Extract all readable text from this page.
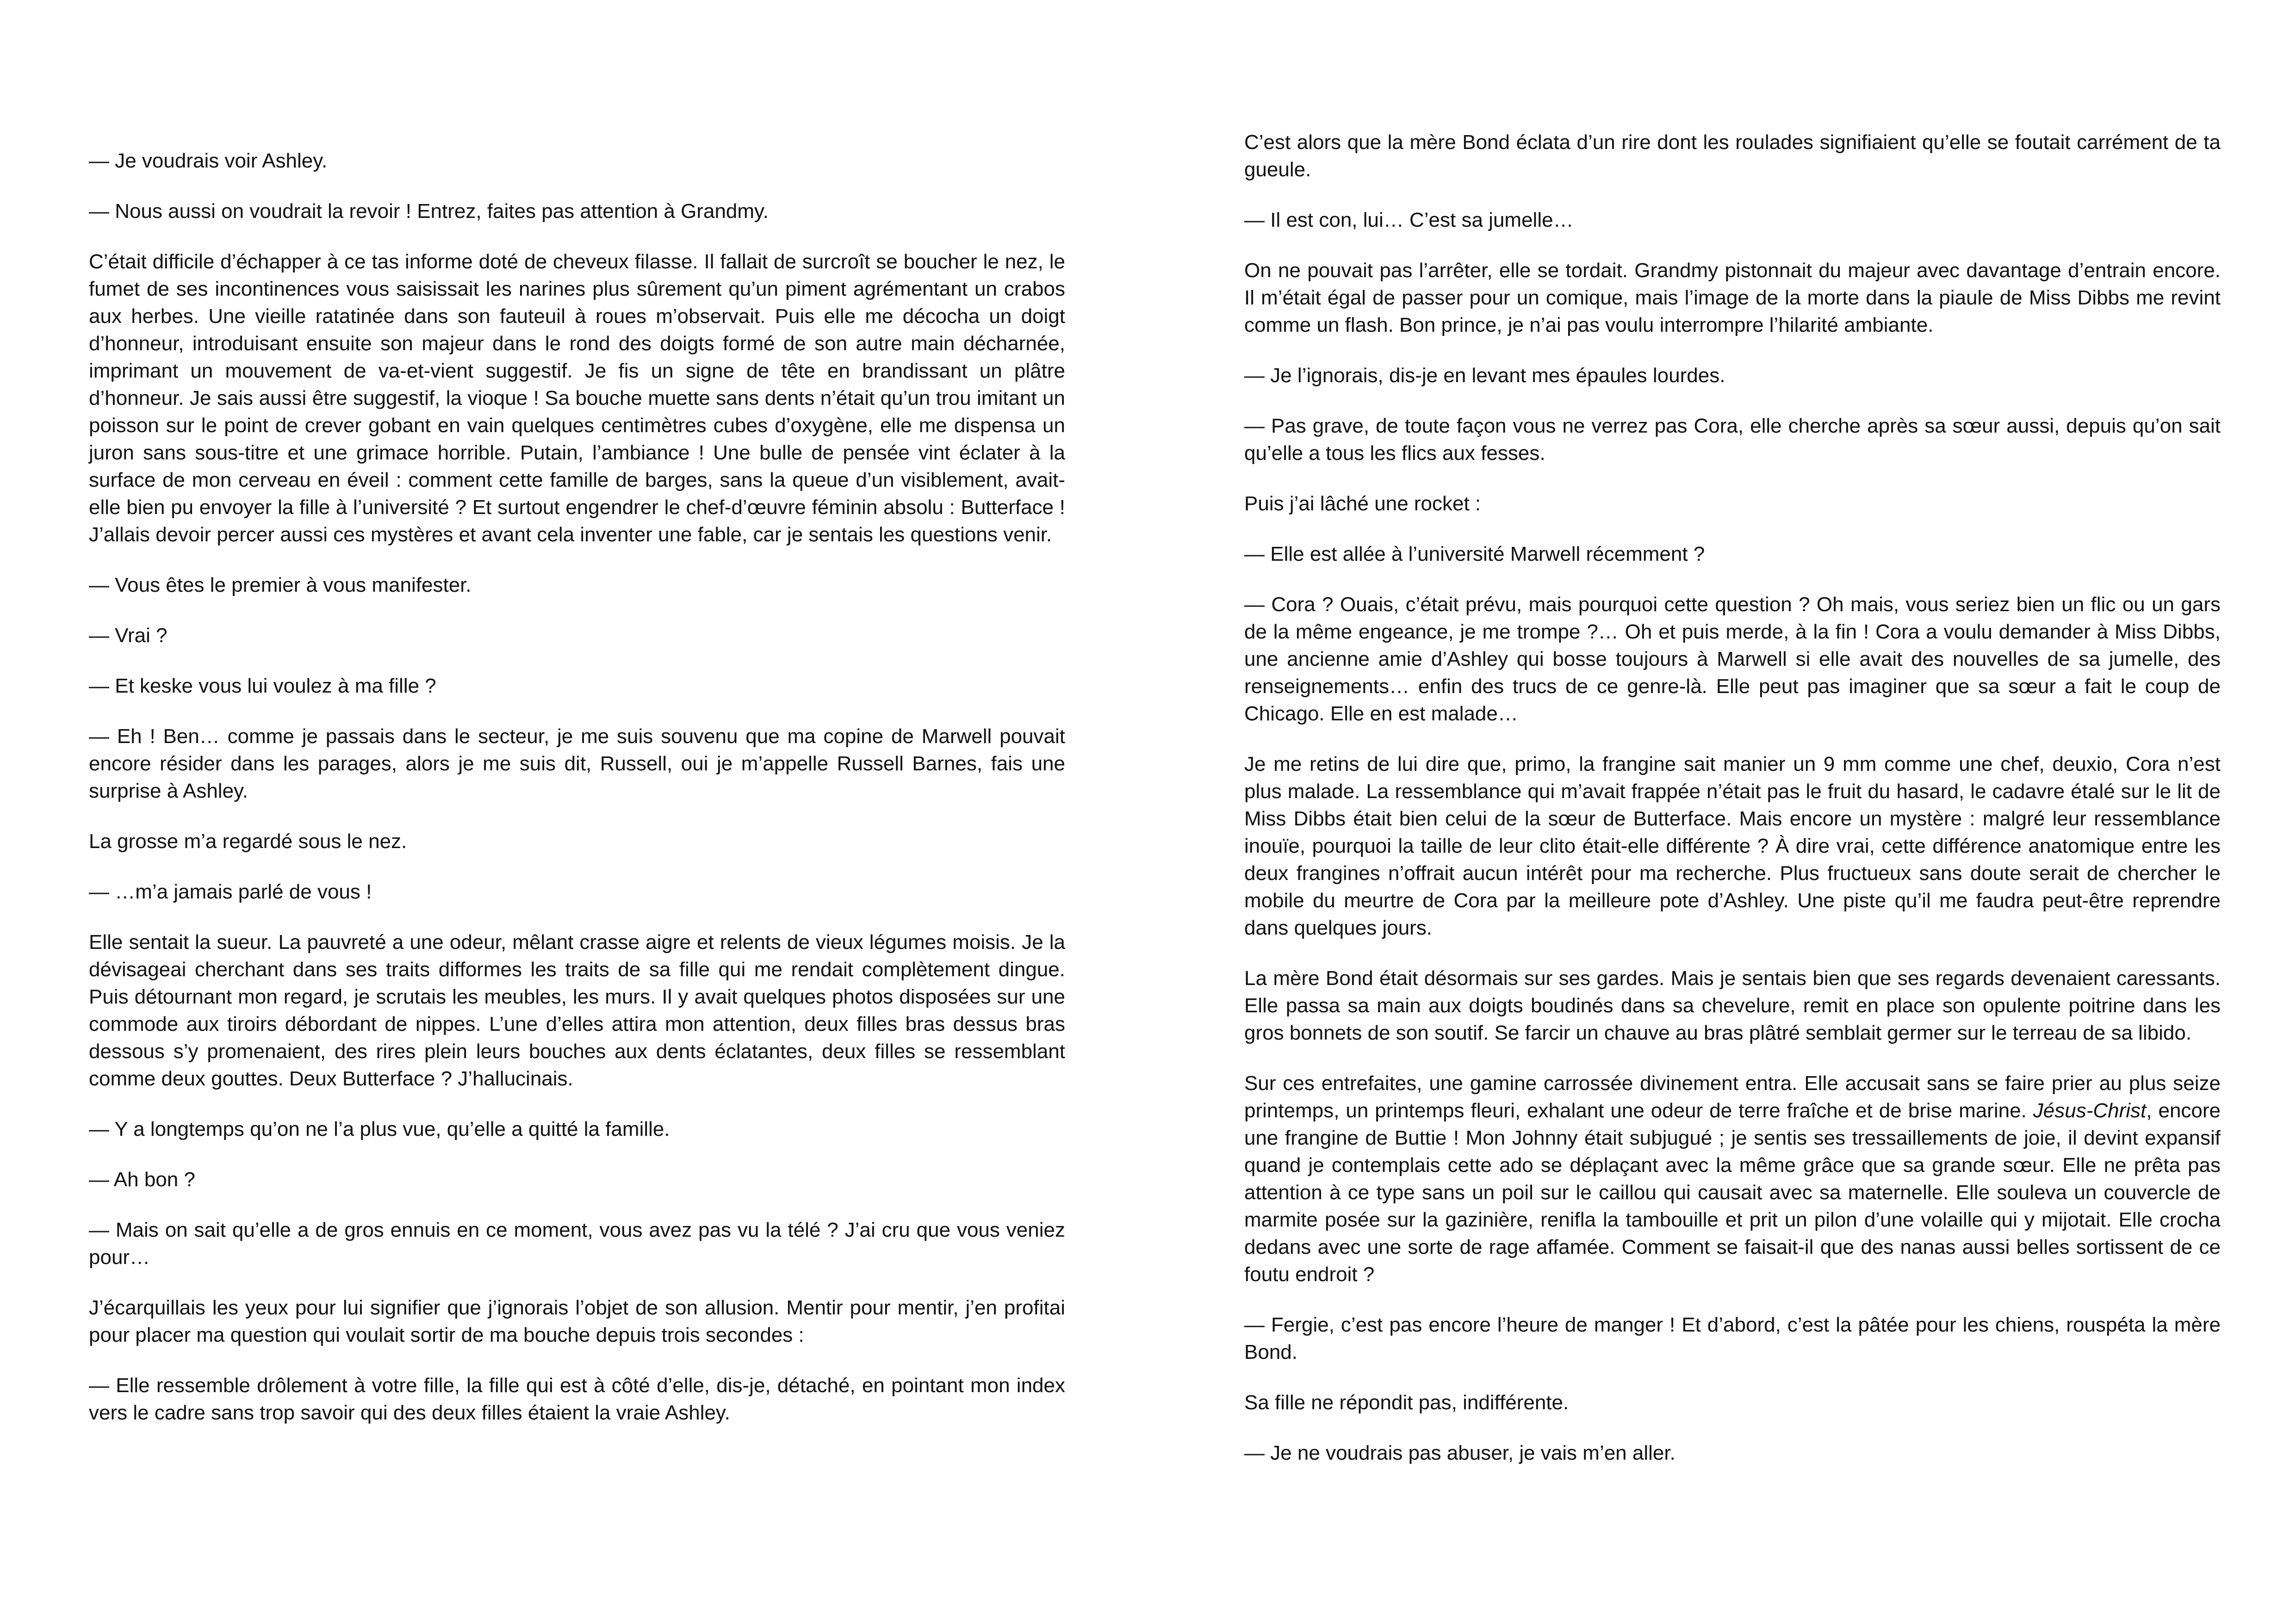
— Je voudrais voir Ashley.

— Nous aussi on voudrait la revoir ! Entrez, faites pas attention à Grandmy.

C’était difficile d’échapper à ce tas informe doté de cheveux filasse. Il fallait de surcroît se boucher le nez, le fumet de ses incontinences vous saisissait les narines plus sûrement qu’un piment agrémentant un crabos aux herbes. Une vieille ratatinée dans son fauteuil à roues m’observait. Puis elle me décocha un doigt d’honneur, introduisant ensuite son majeur dans le rond des doigts formé de son autre main décharnée, imprimant un mouvement de va-et-vient suggestif. Je fis un signe de tête en brandissant un plâtre d’honneur. Je sais aussi être suggestif, la vioque ! Sa bouche muette sans dents n’était qu’un trou imitant un poisson sur le point de crever gobant en vain quelques centimètres cubes d’oxygène, elle me dispensa un juron sans sous-titre et une grimace horrible. Putain, l’ambiance ! Une bulle de pensée vint éclater à la surface de mon cerveau en éveil : comment cette famille de barges, sans la queue d’un visiblement, avait-elle bien pu envoyer la fille à l’université ? Et surtout engendrer le chef-d’œuvre féminin absolu : Butterface ! J’allais devoir percer aussi ces mystères et avant cela inventer une fable, car je sentais les questions venir.

— Vous êtes le premier à vous manifester.

— Vrai ?

— Et keske vous lui voulez à ma fille ?

— Eh ! Ben… comme je passais dans le secteur, je me suis souvenu que ma copine de Marwell pouvait encore résider dans les parages, alors je me suis dit, Russell, oui je m’appelle Russell Barnes, fais une surprise à Ashley.

La grosse m’a regardé sous le nez.

— …m’a jamais parlé de vous !

Elle sentait la sueur. La pauvreté a une odeur, mêlant crasse aigre et relents de vieux légumes moisis. Je la dévisageai cherchant dans ses traits difformes les traits de sa fille qui me rendait complètement dingue. Puis détournant mon regard, je scrutais les meubles, les murs. Il y avait quelques photos disposées sur une commode aux tiroirs débordant de nippes. L’une d’elles attira mon attention, deux filles bras dessus bras dessous s’y promenaient, des rires plein leurs bouches aux dents éclatantes, deux filles se ressemblant comme deux gouttes. Deux Butterface ? J’hallucinais.

— Y a longtemps qu’on ne l’a plus vue, qu’elle a quitté la famille.

— Ah bon ?

— Mais on sait qu’elle a de gros ennuis en ce moment, vous avez pas vu la télé ? J’ai cru que vous veniez pour…

J’écarquillais les yeux pour lui signifier que j’ignorais l’objet de son allusion. Mentir pour mentir, j’en profitai pour placer ma question qui voulait sortir de ma bouche depuis trois secondes :

— Elle ressemble drôlement à votre fille, la fille qui est à côté d’elle, dis-je, détaché, en pointant mon index vers le cadre sans trop savoir qui des deux filles étaient la vraie Ashley.

C’est alors que la mère Bond éclata d’un rire dont les roulades signifiaient qu’elle se foutait carrément de ta gueule.

— Il est con, lui… C’est sa jumelle…

On ne pouvait pas l’arrêter, elle se tordait. Grandmy pistonnait du majeur avec davantage d’entrain encore. Il m’était égal de passer pour un comique, mais l’image de la morte dans la piaule de Miss Dibbs me revint comme un flash. Bon prince, je n’ai pas voulu interrompre l’hilarité ambiante.

— Je l’ignorais, dis-je en levant mes épaules lourdes.

— Pas grave, de toute façon vous ne verrez pas Cora, elle cherche après sa sœur aussi, depuis qu’on sait qu’elle a tous les flics aux fesses.

Puis j’ai lâché une rocket :

— Elle est allée à l’université Marwell récemment ?

— Cora ? Ouais, c’était prévu, mais pourquoi cette question ? Oh mais, vous seriez bien un flic ou un gars de la même engeance, je me trompe ?… Oh et puis merde, à la fin ! Cora a voulu demander à Miss Dibbs, une ancienne amie d’Ashley qui bosse toujours à Marwell si elle avait des nouvelles de sa jumelle, des renseignements… enfin des trucs de ce genre-là. Elle peut pas imaginer que sa sœur a fait le coup de Chicago. Elle en est malade…

Je me retins de lui dire que, primo, la frangine sait manier un 9 mm comme une chef, deuxio, Cora n’est plus malade. La ressemblance qui m’avait frappée n’était pas le fruit du hasard, le cadavre étalé sur le lit de Miss Dibbs était bien celui de la sœur de Butterface. Mais encore un mystère : malgré leur ressemblance inouïe, pourquoi la taille de leur clito était-elle différente ? À dire vrai, cette différence anatomique entre les deux frangines n’offrait aucun intérêt pour ma recherche. Plus fructueux sans doute serait de chercher le mobile du meurtre de Cora par la meilleure pote d’Ashley. Une piste qu’il me faudra peut-être reprendre dans quelques jours.

La mère Bond était désormais sur ses gardes. Mais je sentais bien que ses regards devenaient caressants. Elle passa sa main aux doigts boudinés dans sa chevelure, remit en place son opulente poitrine dans les gros bonnets de son soutif. Se farcir un chauve au bras plâtré semblait germer sur le terreau de sa libido.

Sur ces entrefaites, une gamine carrossée divinement entra. Elle accusait sans se faire prier au plus seize printemps, un printemps fleuri, exhalant une odeur de terre fraîche et de brise marine. Jésus-Christ, encore une frangine de Buttie ! Mon Johnny était subjugué ; je sentis ses tressaillements de joie, il devint expansif quand je contemplais cette ado se déplaçant avec la même grâce que sa grande sœur. Elle ne prêta pas attention à ce type sans un poil sur le caillou qui causait avec sa maternelle. Elle souleva un couvercle de marmite posée sur la gazinière, renifla la tambouille et prit un pilon d’une volaille qui y mijotait. Elle crocha dedans avec une sorte de rage affamée. Comment se faisait-il que des nanas aussi belles sortissent de ce foutu endroit ?

— Fergie, c’est pas encore l’heure de manger ! Et d’abord, c’est la pâtée pour les chiens, rouspéta la mère Bond.

Sa fille ne répondit pas, indifférente.

— Je ne voudrais pas abuser, je vais m’en aller.
